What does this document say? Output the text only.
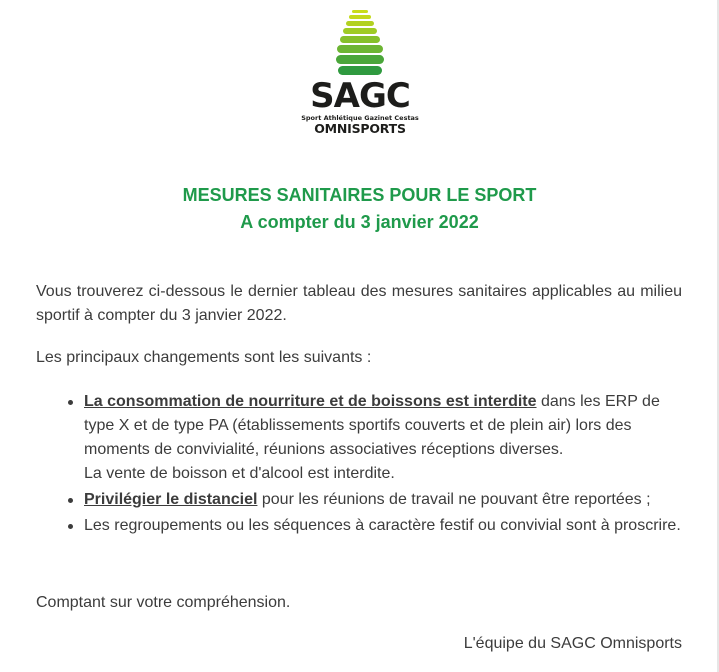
SAGC
Sport Athlétique Gazinet Cestas
OMNISPORTS
MESURES SANITAIRES POUR LE SPORT
A compter du 3 janvier 2022
Vous trouverez ci-dessous le dernier tableau des mesures sanitaires applicables au milieu sportif à compter du 3 janvier 2022.
Les principaux changements sont les suivants :
La consommation de nourriture et de boissons est interdite dans les ERP de type X et de type PA (établissements sportifs couverts et de plein air) lors des moments de convivialité, réunions associatives réceptions diverses.
La vente de boisson et d'alcool est interdite.
Privilégier le distanciel pour les réunions de travail ne pouvant être reportées ;
Les regroupements ou les séquences à caractère festif ou convivial sont à proscrire.
Comptant sur votre compréhension.
L'équipe du SAGC Omnisports
